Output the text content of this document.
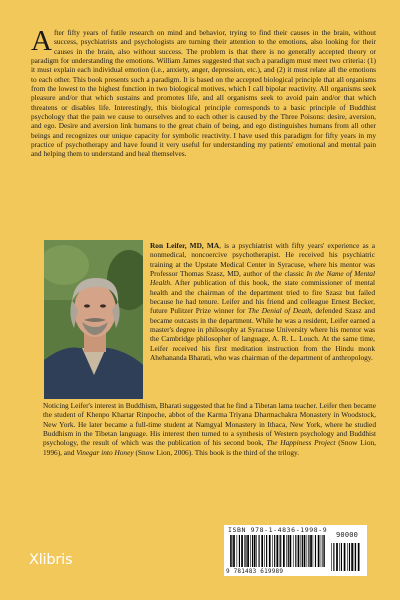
After fifty years of futile research on mind and behavior, trying to find their causes in the brain, without success, psychiatrists and psychologists are turning their attention to the emotions, also looking for their causes in the brain, also without success. The problem is that there is no generally accepted theory or paradigm for understanding the emotions. William James suggested that such a paradigm must meet two criteria: (1) it must explain each individual emotion (i.e., anxiety, anger, depression, etc.), and (2) it must relate all the emotions to each other. This book presents such a paradigm. It is based on the accepted biological principle that all organisms from the lowest to the highest function in two biological motives, which I call bipolar reactivity. All organisms seek pleasure and/or that which sustains and promotes life, and all organisms seek to avoid pain and/or that which threatens or disables life. Interestingly, this biological principle corresponds to a basic principle of Buddhist psychology that the pain we cause to ourselves and to each other is caused by the Three Poisons: desire, aversion, and ego. Desire and aversion link humans to the great chain of being, and ego distinguishes humans from all other beings and recognizes our unique capacity for symbolic reactivity. I have used this paradigm for fifty years in my practice of psychotherapy and have found it very useful for understanding my patients' emotional and mental pain and helping them to understand and heal themselves.
Ron Leifer, MD, MA, is a psychiatrist with fifty years' experience as a nonmedical, noncoercive psychotherapist. He received his psychiatric training at the Upstate Medical Center in Syracuse, where his mentor was Professor Thomas Szasz, MD, author of the classic In the Name of Mental Health. After publication of this book, the state commissioner of mental health and the chairman of the department tried to fire Szasz but failed because he had tenure. Leifer and his friend and colleague Ernest Becker, future Pulitzer Prize winner for The Denial of Death, defended Szasz and became outcasts in the department. While he was a resident, Leifer earned a master's degree in philosophy at Syracuse University where his mentor was the Cambridge philosopher of language, A. R. L. Louch. At the same time, Leifer received his first meditation instruction from the Hindu monk Ahehananda Bharati, who was chairman of the department of anthropology.
Noticing Leifer's interest in Buddhism, Bharati suggested that he find a Tibetan lama teacher. Leifer then became the student of Khenpo Khartar Rinpoche, abbot of the Karma Triyana Dharmachakra Monastery in Woodstock, New York. He later became a full-time student at Namgyal Monastery in Ithaca, New York, where he studied Buddhism in the Tibetan language. His interest then turned to a synthesis of Western psychology and Buddhist psychology, the result of which was the publication of his second book, The Happiness Project (Snow Lion, 1996), and Vinegar into Honey (Snow Lion, 2006). This book is the third of the trilogy.
Xlibris
ISBN 978-1-4836-1998-9
9 781483 619989
90000
